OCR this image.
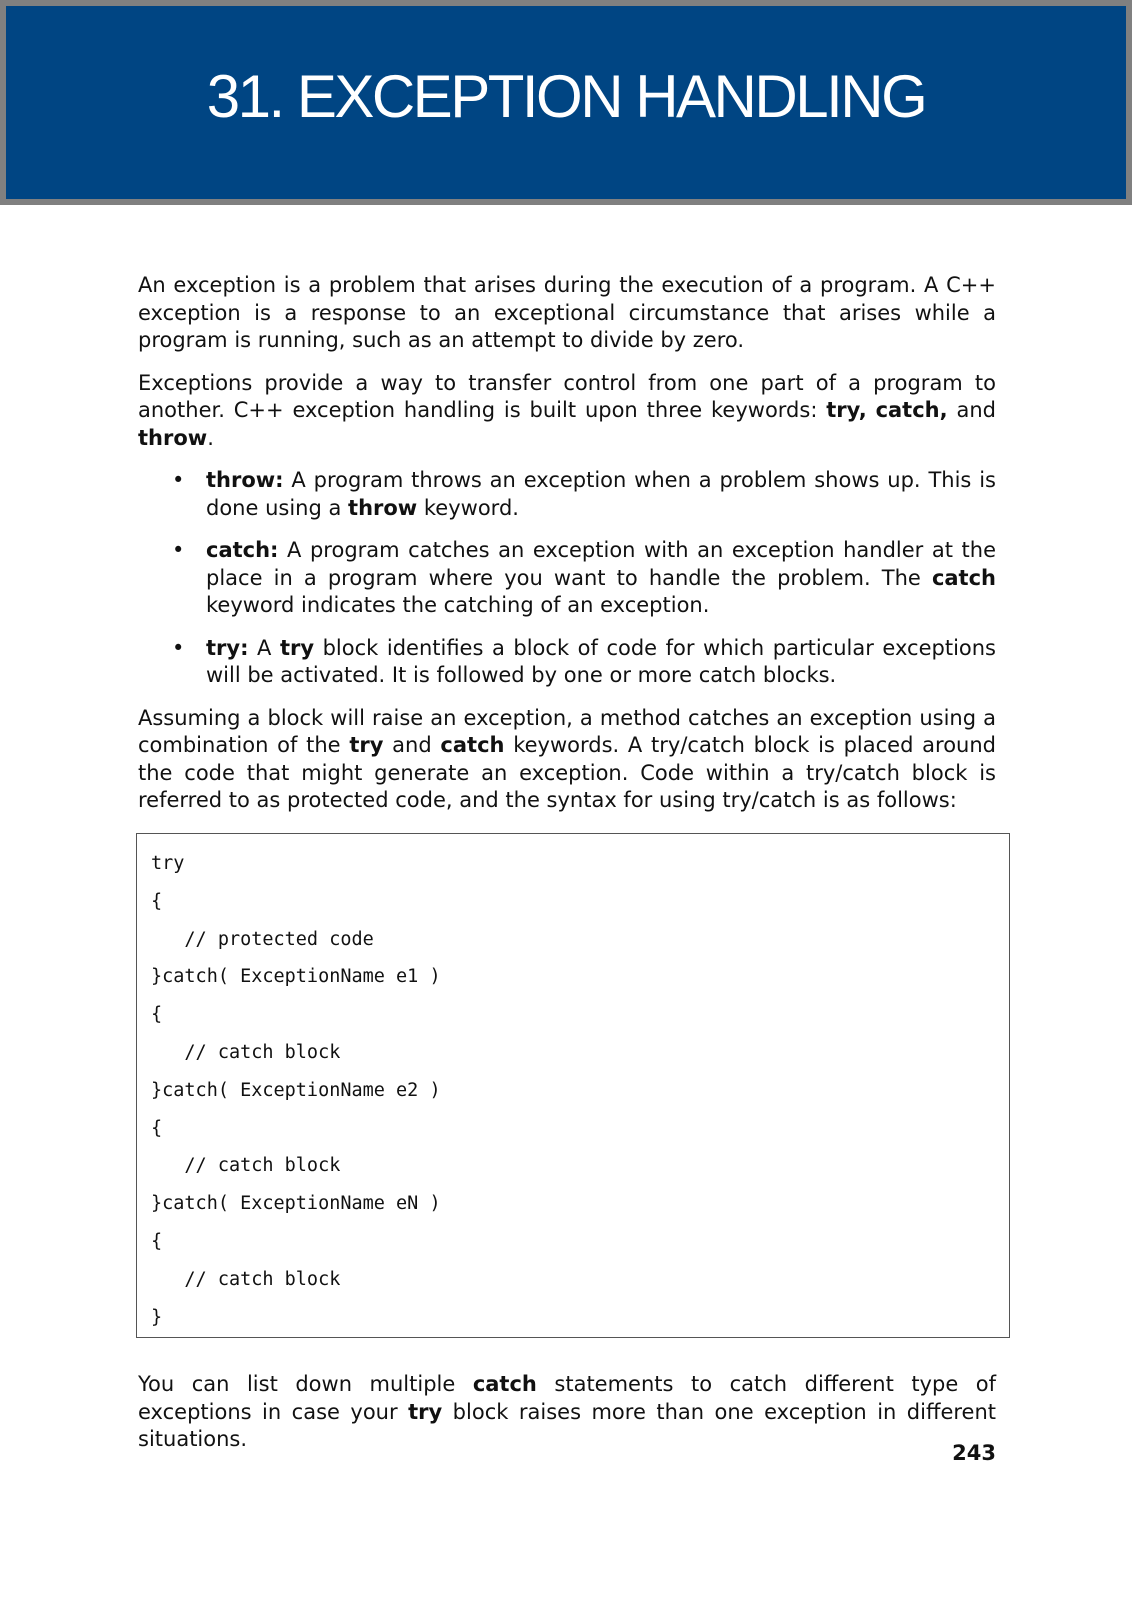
31. EXCEPTION HANDLING

An exception is a problem that arises during the execution of a program. A C++ exception is a response to an exceptional circumstance that arises while a program is running, such as an attempt to divide by zero.

Exceptions provide a way to transfer control from one part of a program to another. C++ exception handling is built upon three keywords: try, catch, and throw.

• throw: A program throws an exception when a problem shows up. This is done using a throw keyword.
• catch: A program catches an exception with an exception handler at the place in a program where you want to handle the problem. The catch keyword indicates the catching of an exception.
• try: A try block identifies a block of code for which particular exceptions will be activated. It is followed by one or more catch blocks.

Assuming a block will raise an exception, a method catches an exception using a combination of the try and catch keywords. A try/catch block is placed around the code that might generate an exception. Code within a try/catch block is referred to as protected code, and the syntax for using try/catch is as follows:

try
{
// protected code
}catch( ExceptionName e1 )
{
// catch block
}catch( ExceptionName e2 )
{
// catch block
}catch( ExceptionName eN )
{
// catch block
}

You can list down multiple catch statements to catch different type of exceptions in case your try block raises more than one exception in different situations.

243
